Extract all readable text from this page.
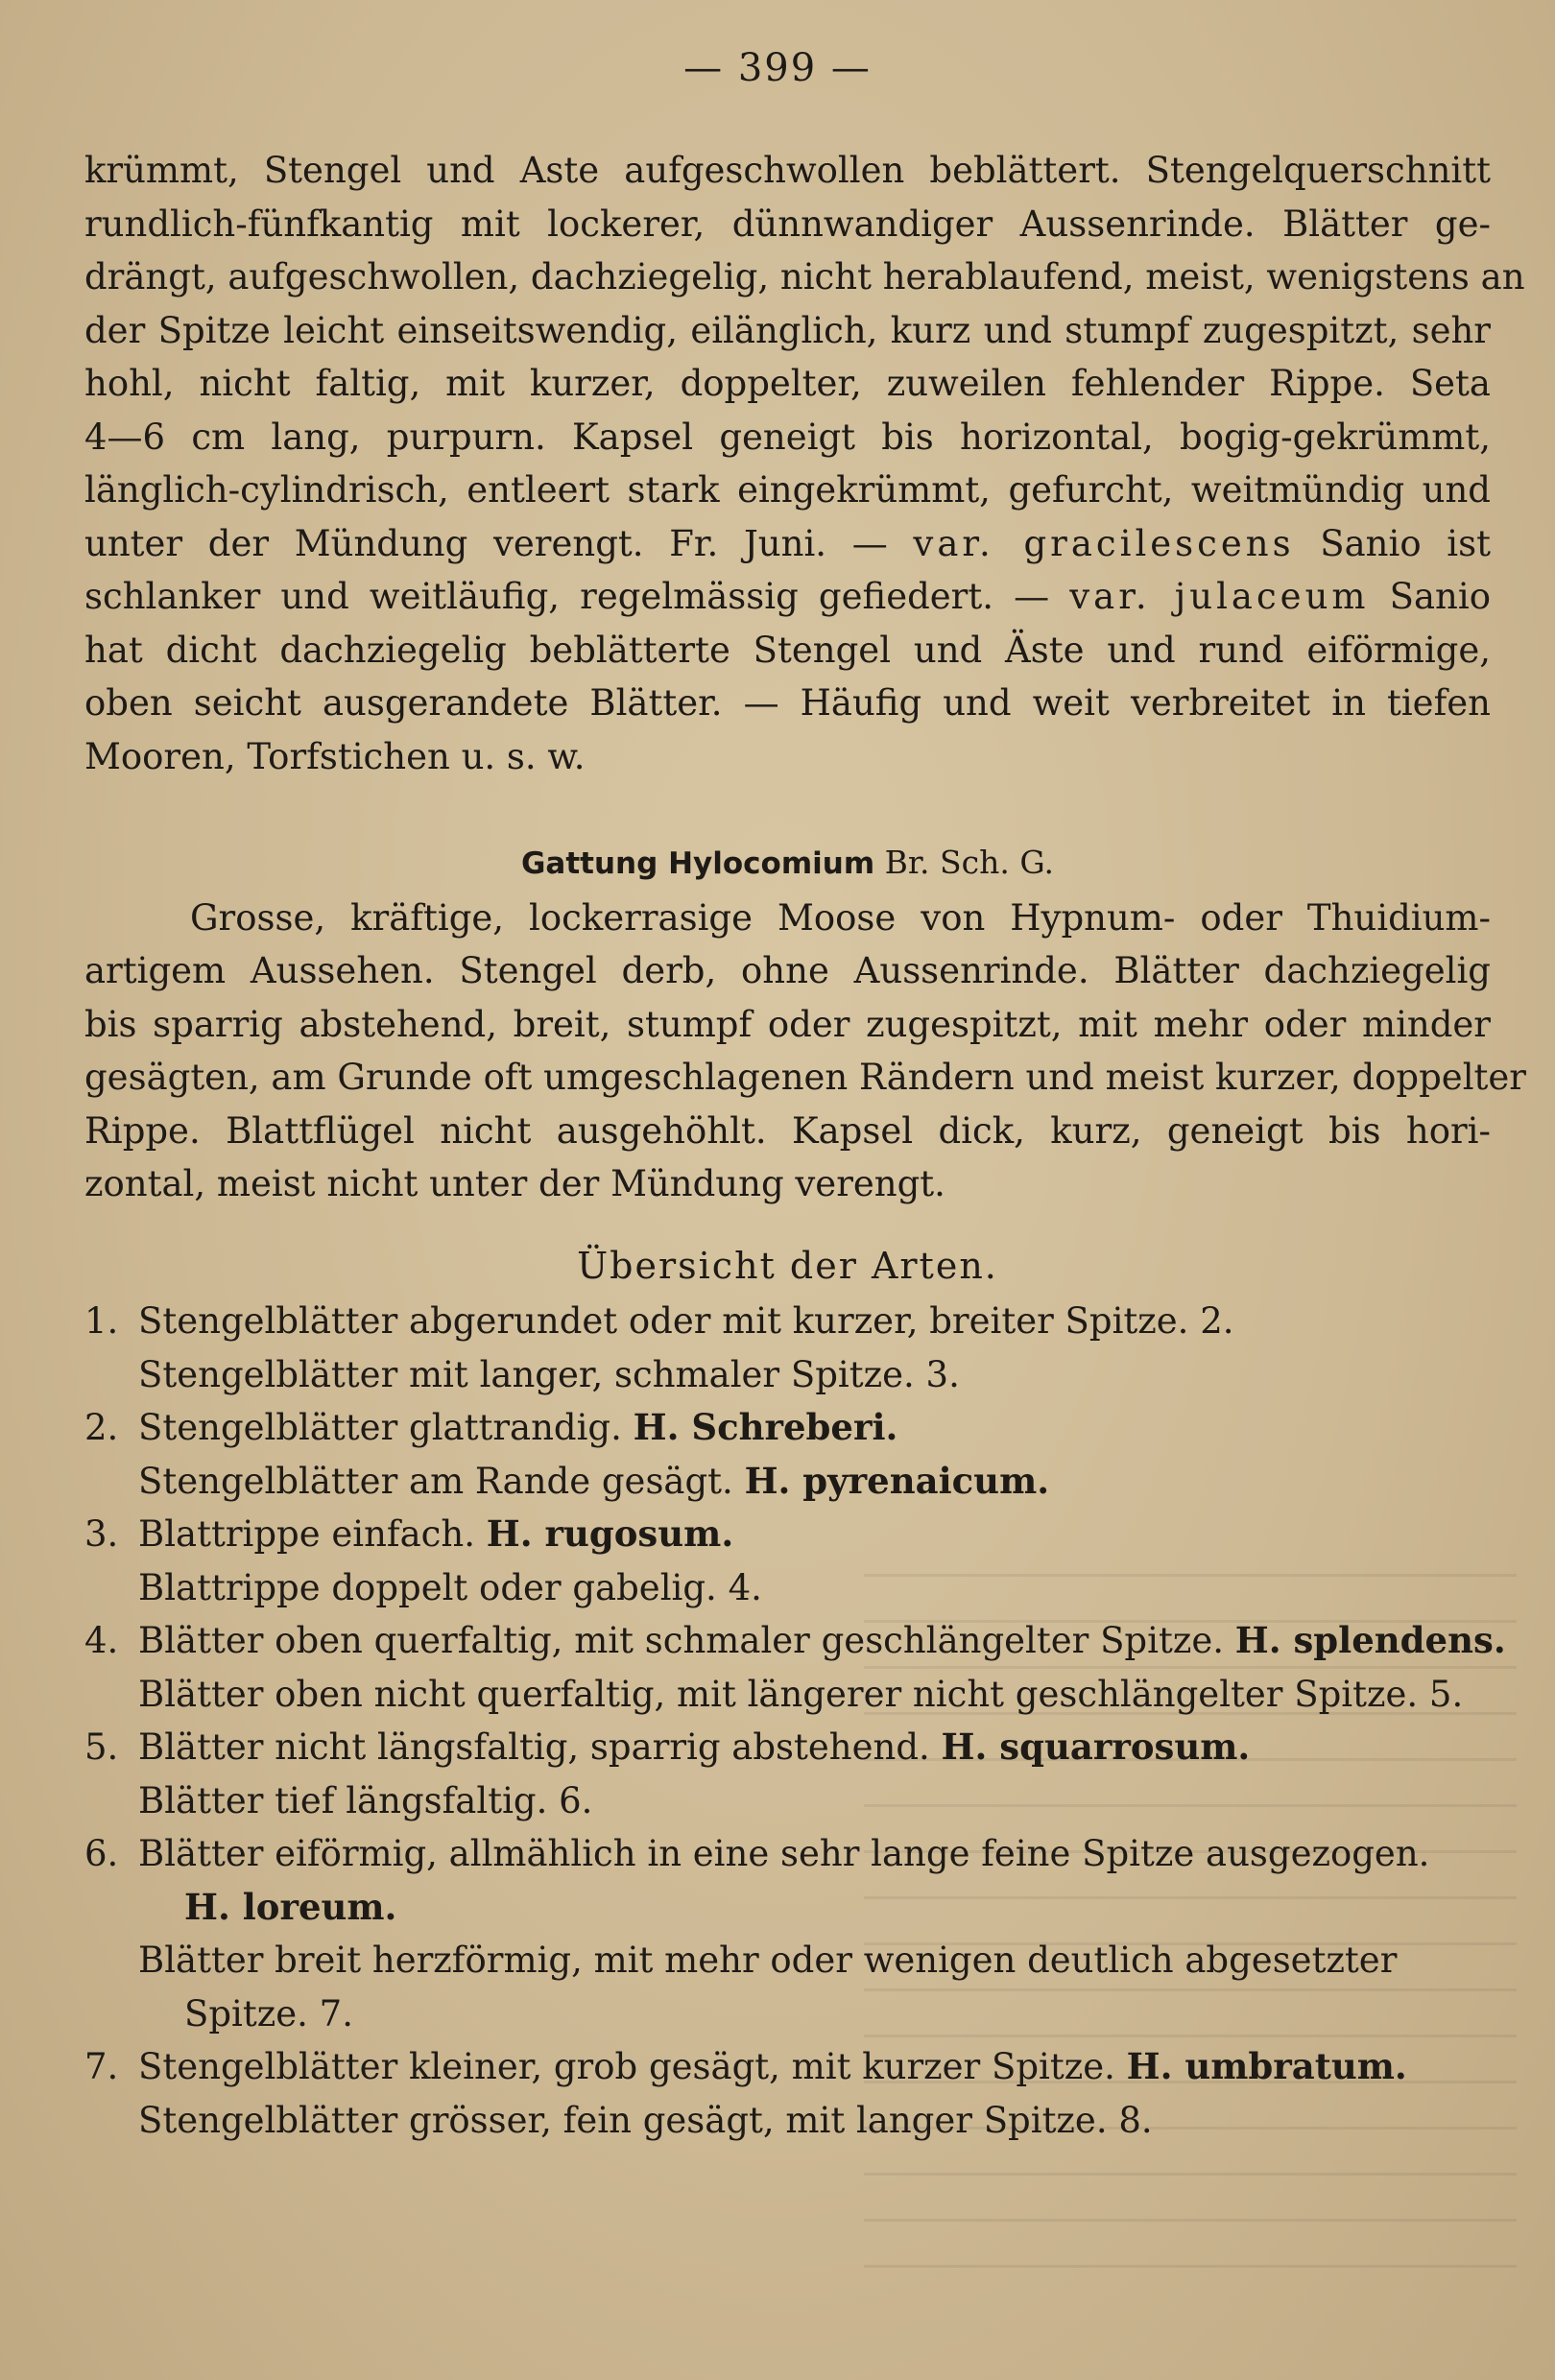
— 399 —
krümmt, Stengel und Aste aufgeschwollen beblättert. Stengelquerschnitt
rundlich-fünfkantig mit lockerer, dünnwandiger Aussenrinde. Blätter ge-
drängt, aufgeschwollen, dachziegelig, nicht herablaufend, meist, wenigstens an
der Spitze leicht einseitswendig, eilänglich, kurz und stumpf zugespitzt, sehr
hohl, nicht faltig, mit kurzer, doppelter, zuweilen fehlender Rippe. Seta
4—6 cm lang, purpurn. Kapsel geneigt bis horizontal, bogig-gekrümmt,
länglich-cylindrisch, entleert stark eingekrümmt, gefurcht, weitmündig und
unter der Mündung verengt. Fr. Juni. — var. gracilescens Sanio ist
schlanker und weitläufig, regelmässig gefiedert. — var. julaceum Sanio
hat dicht dachziegelig beblätterte Stengel und Äste und rund eiförmige,
oben seicht ausgerandete Blätter. — Häufig und weit verbreitet in tiefen
Mooren, Torfstichen u. s. w.
Gattung Hylocomium Br. Sch. G.
Grosse, kräftige, lockerrasige Moose von Hypnum- oder Thuidium-
artigem Aussehen. Stengel derb, ohne Aussenrinde. Blätter dachziegelig
bis sparrig abstehend, breit, stumpf oder zugespitzt, mit mehr oder minder
gesägten, am Grunde oft umgeschlagenen Rändern und meist kurzer, doppelter
Rippe. Blattflügel nicht ausgehöhlt. Kapsel dick, kurz, geneigt bis hori-
zontal, meist nicht unter der Mündung verengt.
Übersicht der Arten.
1. Stengelblätter abgerundet oder mit kurzer, breiter Spitze. 2.
Stengelblätter mit langer, schmaler Spitze. 3.
2. Stengelblätter glattrandig. H. Schreberi.
Stengelblätter am Rande gesägt. H. pyrenaicum.
3. Blattrippe einfach. H. rugosum.
Blattrippe doppelt oder gabelig. 4.
4. Blätter oben querfaltig, mit schmaler geschlängelter Spitze. H. splendens.
Blätter oben nicht querfaltig, mit längerer nicht geschlängelter Spitze. 5.
5. Blätter nicht längsfaltig, sparrig abstehend. H. squarrosum.
Blätter tief längsfaltig. 6.
6. Blätter eiförmig, allmählich in eine sehr lange feine Spitze ausgezogen.
H. loreum.
Blätter breit herzförmig, mit mehr oder wenigen deutlich abgesetzter
Spitze. 7.
7. Stengelblätter kleiner, grob gesägt, mit kurzer Spitze. H. umbratum.
Stengelblätter grösser, fein gesägt, mit langer Spitze. 8.
